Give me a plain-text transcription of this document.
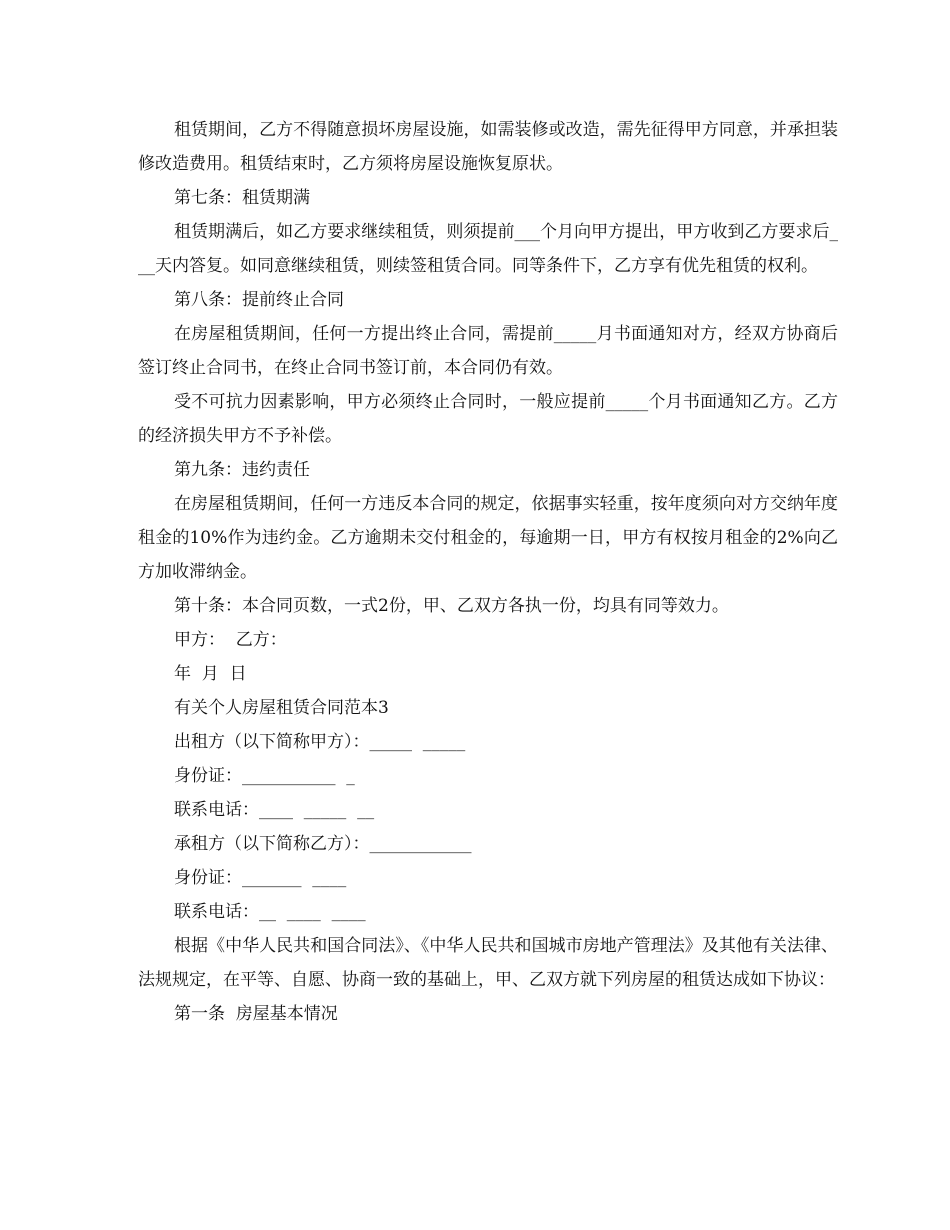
租赁期间，乙方不得随意损坏房屋设施，如需装修或改造，需先征得甲方同意，并承担装修改造费用。租赁结束时，乙方须将房屋设施恢复原状。

第七条：租赁期满

租赁期满后，如乙方要求继续租赁，则须提前___个月向甲方提出，甲方收到乙方要求后___天内答复。如同意继续租赁，则续签租赁合同。同等条件下，乙方享有优先租赁的权利。

第八条：提前终止合同

在房屋租赁期间，任何一方提出终止合同，需提前_____月书面通知对方，经双方协商后签订终止合同书，在终止合同书签订前，本合同仍有效。

受不可抗力因素影响，甲方必须终止合同时，一般应提前_____个月书面通知乙方。乙方的经济损失甲方不予补偿。

第九条：违约责任

在房屋租赁期间，任何一方违反本合同的规定，依据事实轻重，按年度须向对方交纳年度租金的10%作为违约金。乙方逾期未交付租金的，每逾期一日，甲方有权按月租金的2%向乙方加收滞纳金。

第十条：本合同页数，一式2份，甲、乙双方各执一份，均具有同等效力。

甲方：  乙方：

年  月  日

有关个人房屋租赁合同范本3

出租方（以下简称甲方）：_____  _____

身份证：___________  _

联系电话：____  _____  __

承租方（以下简称乙方）：____________

身份证：_______  ____

联系电话：__  ____  ____

根据《中华人民共和国合同法》、《中华人民共和国城市房地产管理法》及其他有关法律、法规规定，在平等、自愿、协商一致的基础上，甲、乙双方就下列房屋的租赁达成如下协议：

第一条  房屋基本情况
